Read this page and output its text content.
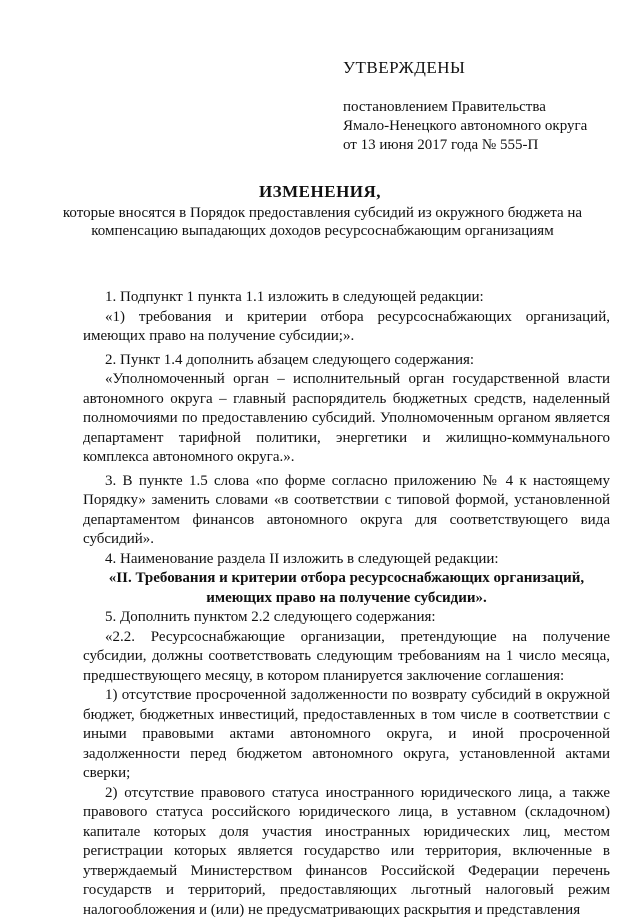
УТВЕРЖДЕНЫ
постановлением Правительства
Ямало-Ненецкого автономного округа
от 13 июня 2017 года № 555-П
ИЗМЕНЕНИЯ,
которые вносятся в Порядок предоставления субсидий из окружного бюджета на компенсацию выпадающих доходов ресурсоснабжающим организациям

1. Подпункт 1 пункта 1.1 изложить в следующей редакции:

«1) требования и критерии отбора ресурсоснабжающих организаций, имеющих право на получение субсидии;».

2. Пункт 1.4 дополнить абзацем следующего содержания:

«Уполномоченный орган – исполнительный орган государственной власти автономного округа – главный распорядитель бюджетных средств, наделенный полномочиями по предоставлению субсидий. Уполномоченным органом является департамент тарифной политики, энергетики и жилищно-коммунального комплекса автономного округа.».

3. В пункте 1.5 слова «по форме согласно приложению № 4 к настоящему Порядку» заменить словами «в соответствии с типовой формой, установленной департаментом финансов автономного округа для соответствующего вида субсидий».

4. Наименование раздела II изложить в следующей редакции:

«II. Требования и критерии отбора ресурсоснабжающих организаций, имеющих право на получение субсидии».

5. Дополнить пунктом 2.2 следующего содержания:

«2.2. Ресурсоснабжающие организации, претендующие на получение субсидии, должны соответствовать следующим требованиям на 1 число месяца, предшествующего месяцу, в котором планируется заключение соглашения:

1) отсутствие просроченной задолженности по возврату субсидий в окружной бюджет, бюджетных инвестиций, предоставленных в том числе в соответствии с иными правовыми актами автономного округа, и иной просроченной задолженности перед бюджетом автономного округа, установленной актами сверки;

2) отсутствие правового статуса иностранного юридического лица, а также правового статуса российского юридического лица, в уставном (складочном) капитале которых доля участия иностранных юридических лиц, местом регистрации которых является государство или территория, включенные в утверждаемый Министерством финансов Российской Федерации перечень государств и территорий, предоставляющих льготный налоговый режим налогообложения и (или) не предусматривающих раскрытия и представления
